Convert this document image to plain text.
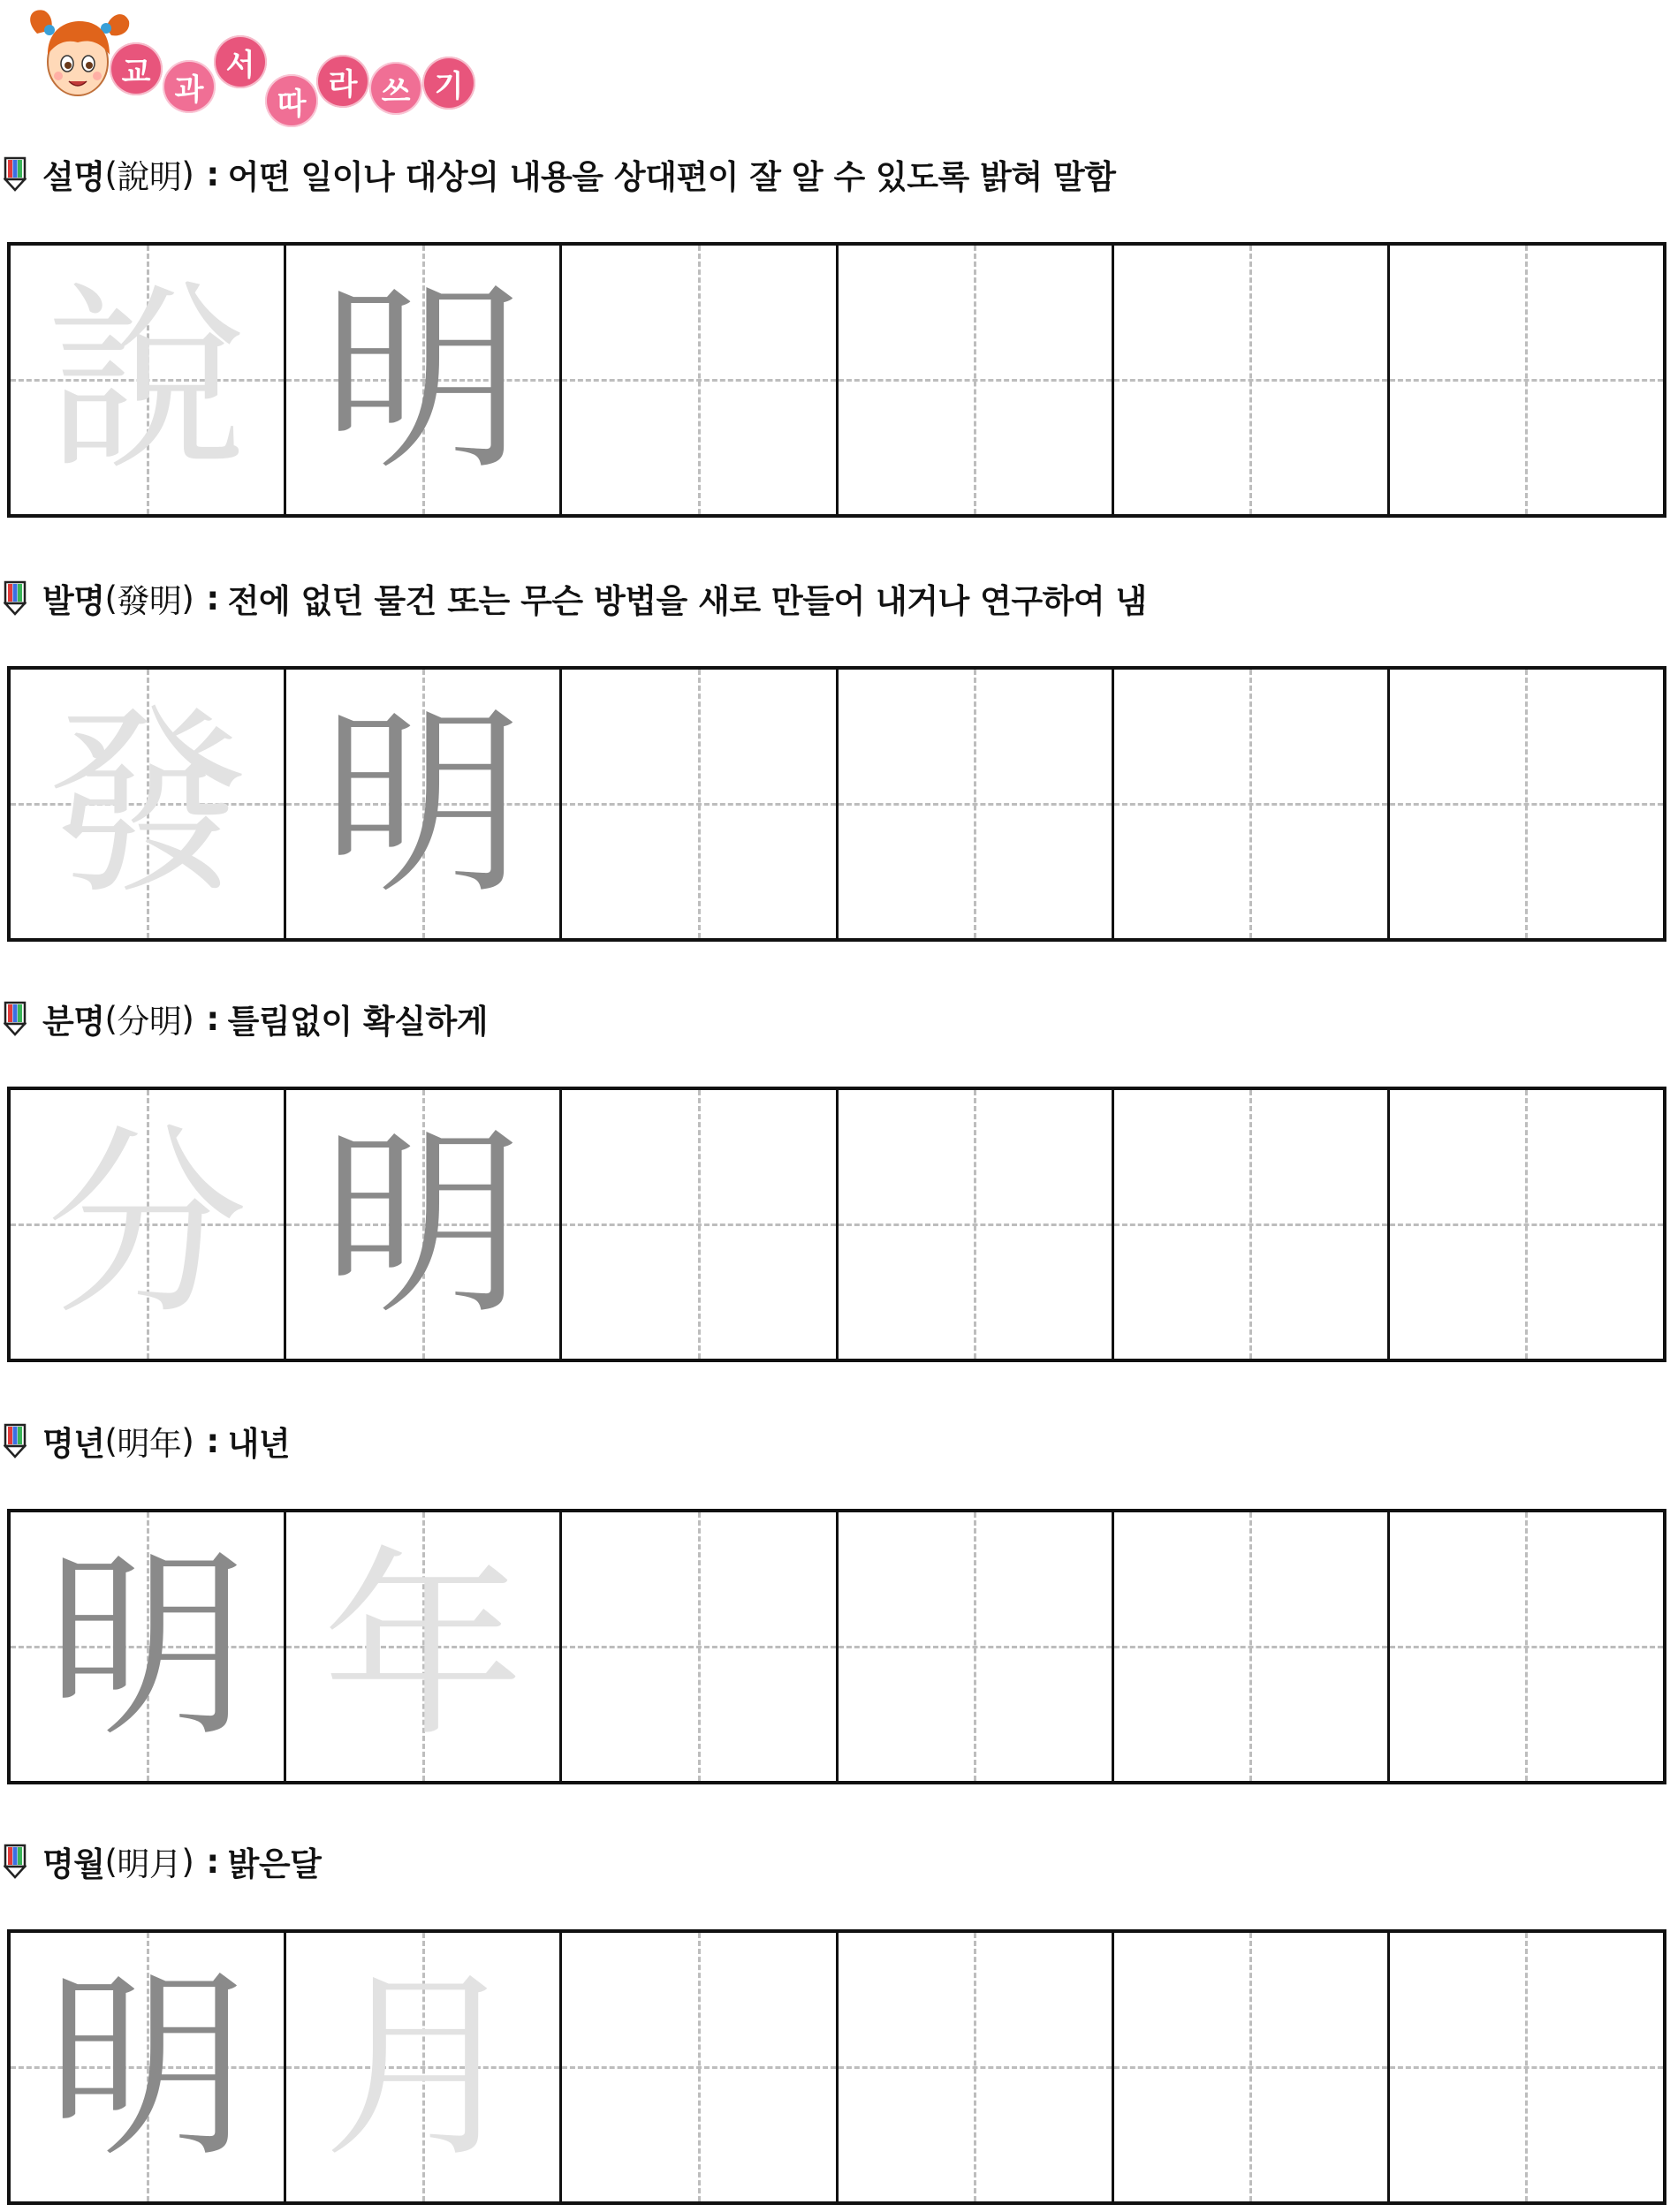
교 과
서
따
라 쓰 기
설명 ( 說明 ) : 어떤 일이나 대상의 내용을 상대편이 잘 알 수 있도록 밝혀 말함
說 明
발명 ( 發明 ) : 전에 없던 물건 또는 무슨 방법을 새로 만들어 내거나 연구하여 냄
發 明
분명 ( 分明 ) : 틀림없이 확실하게
分 明
명년 ( 明年 ) : 내년
明 年
명월 ( 明月 ) : 밝은달
明 月
